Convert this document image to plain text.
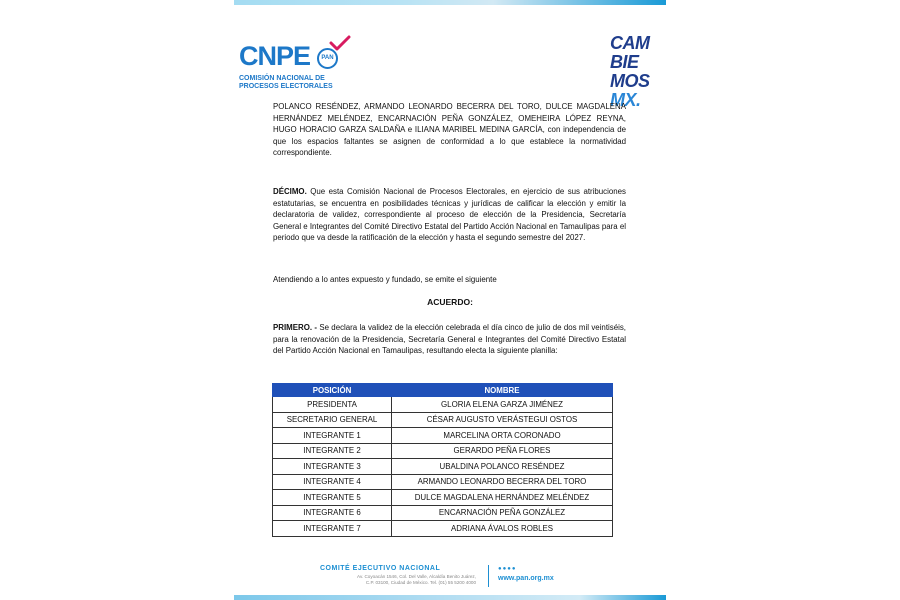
CNPE	PAN
COMISIÓN NACIONAL DE
PROCESOS ELECTORALES
CAM
BIE
MOS
MX.

POLANCO RESÉNDEZ, ARMANDO LEONARDO BECERRA DEL TORO, DULCE MAGDALENA HERNÁNDEZ MELÉNDEZ, ENCARNACIÓN PEÑA GONZÁLEZ, OMEHEIRA LÓPEZ REYNA, HUGO HORACIO GARZA SALDAÑA e ILIANA MARIBEL MEDINA GARCÍA, con independencia de que los espacios faltantes se asignen de conformidad a lo que establece la normatividad correspondiente.

DÉCIMO. Que esta Comisión Nacional de Procesos Electorales, en ejercicio de sus atribuciones estatutarias, se encuentra en posibilidades técnicas y jurídicas de calificar la elección y emitir la declaratoria de validez, correspondiente al proceso de elección de la Presidencia, Secretaría General e Integrantes del Comité Directivo Estatal del Partido Acción Nacional en Tamaulipas para el periodo que va desde la ratificación de la elección y hasta el segundo semestre del 2027.

Atendiendo a lo antes expuesto y fundado, se emite el siguiente

ACUERDO:

PRIMERO. - Se declara la validez de la elección celebrada el día cinco de julio de dos mil veintiséis, para la renovación de la Presidencia, Secretaría General e Integrantes del Comité Directivo Estatal del Partido Acción Nacional en Tamaulipas, resultando electa la siguiente planilla:

POSICIÓN	NOMBRE
PRESIDENTA	GLORIA ELENA GARZA JIMÉNEZ
SECRETARIO GENERAL	CÉSAR AUGUSTO VERÁSTEGUI OSTOS
INTEGRANTE 1	MARCELINA ORTA CORONADO
INTEGRANTE 2	GERARDO PEÑA FLORES
INTEGRANTE 3	UBALDINA POLANCO RESÉNDEZ
INTEGRANTE 4	ARMANDO LEONARDO BECERRA DEL TORO
INTEGRANTE 5	DULCE MAGDALENA HERNÁNDEZ MELÉNDEZ
INTEGRANTE 6	ENCARNACIÓN PEÑA GONZÁLEZ
INTEGRANTE 7	ADRIANA ÁVALOS ROBLES
COMITÉ EJECUTIVO NACIONAL
Av. Coyoacán 1546, Col. Del Valle, Alcaldía Benito Juárez,
C.P. 03100, Ciudad de México. Tel. (01) 55 5200 4000
●●●●
www.pan.org.mx
